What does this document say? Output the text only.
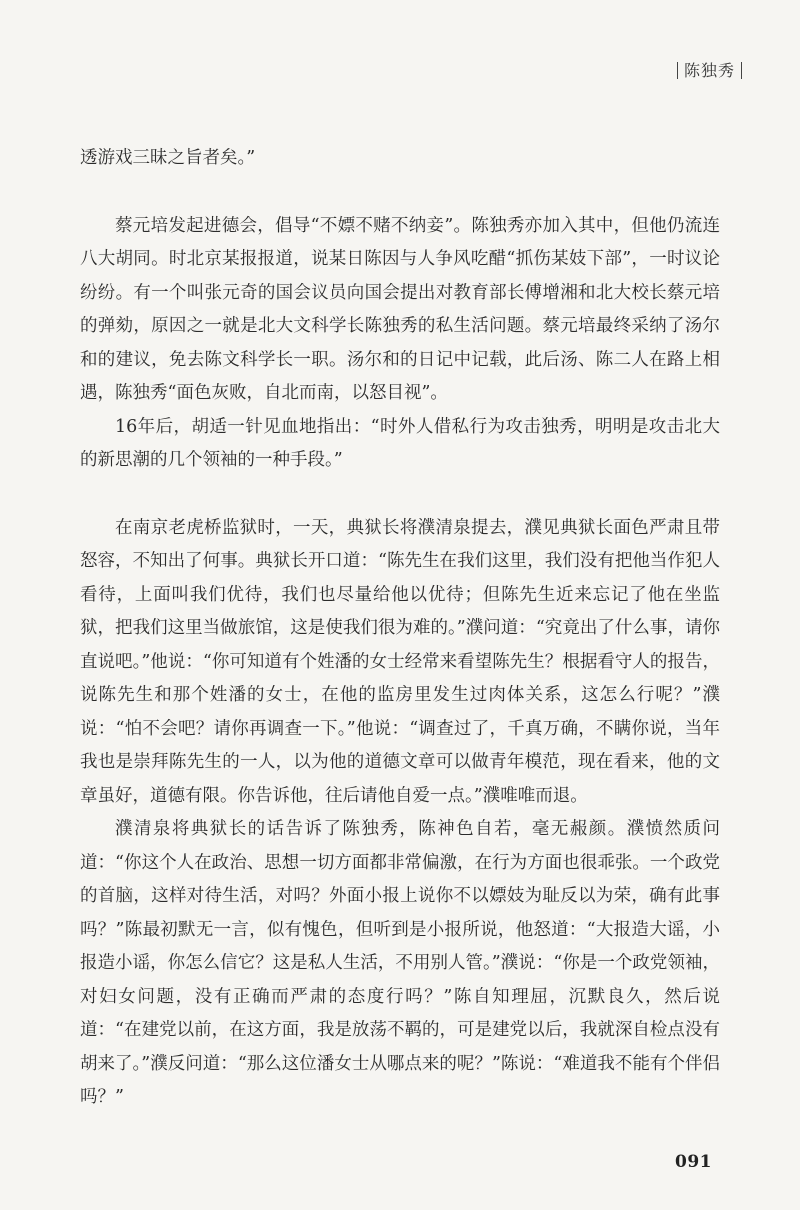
陈独秀

透游戏三昧之旨者矣。”

蔡元培发起进德会，倡导“不嫖不赌不纳妾”。陈独秀亦加入其中，但他仍流连八大胡同。时北京某报报道，说某日陈因与人争风吃醋“抓伤某妓下部”，一时议论纷纷。有一个叫张元奇的国会议员向国会提出对教育部长傅增湘和北大校长蔡元培的弹劾，原因之一就是北大文科学长陈独秀的私生活问题。蔡元培最终采纳了汤尔和的建议，免去陈文科学长一职。汤尔和的日记中记载，此后汤、陈二人在路上相遇，陈独秀“面色灰败，自北而南，以怒目视”。

16年后，胡适一针见血地指出：“时外人借私行为攻击独秀，明明是攻击北大的新思潮的几个领袖的一种手段。”

在南京老虎桥监狱时，一天，典狱长将濮清泉提去，濮见典狱长面色严肃且带怒容，不知出了何事。典狱长开口道：“陈先生在我们这里，我们没有把他当作犯人看待，上面叫我们优待，我们也尽量给他以优待；但陈先生近来忘记了他在坐监狱，把我们这里当做旅馆，这是使我们很为难的。”濮问道：“究竟出了什么事，请你直说吧。”他说：“你可知道有个姓潘的女士经常来看望陈先生？根据看守人的报告，说陈先生和那个姓潘的女士，在他的监房里发生过肉体关系，这怎么行呢？”濮说：“怕不会吧？请你再调查一下。”他说：“调查过了，千真万确，不瞒你说，当年我也是崇拜陈先生的一人，以为他的道德文章可以做青年模范，现在看来，他的文章虽好，道德有限。你告诉他，往后请他自爱一点。”濮唯唯而退。

濮清泉将典狱长的话告诉了陈独秀，陈神色自若，毫无赧颜。濮愤然质问道：“你这个人在政治、思想一切方面都非常偏激，在行为方面也很乖张。一个政党的首脑，这样对待生活，对吗？外面小报上说你不以嫖妓为耻反以为荣，确有此事吗？”陈最初默无一言，似有愧色，但听到是小报所说，他怒道：“大报造大谣，小报造小谣，你怎么信它？这是私人生活，不用别人管。”濮说：“你是一个政党领袖，对妇女问题，没有正确而严肃的态度行吗？”陈自知理屈，沉默良久，然后说道：“在建党以前，在这方面，我是放荡不羁的，可是建党以后，我就深自检点没有胡来了。”濮反问道：“那么这位潘女士从哪点来的呢？”陈说：“难道我不能有个伴侣吗？”

091
